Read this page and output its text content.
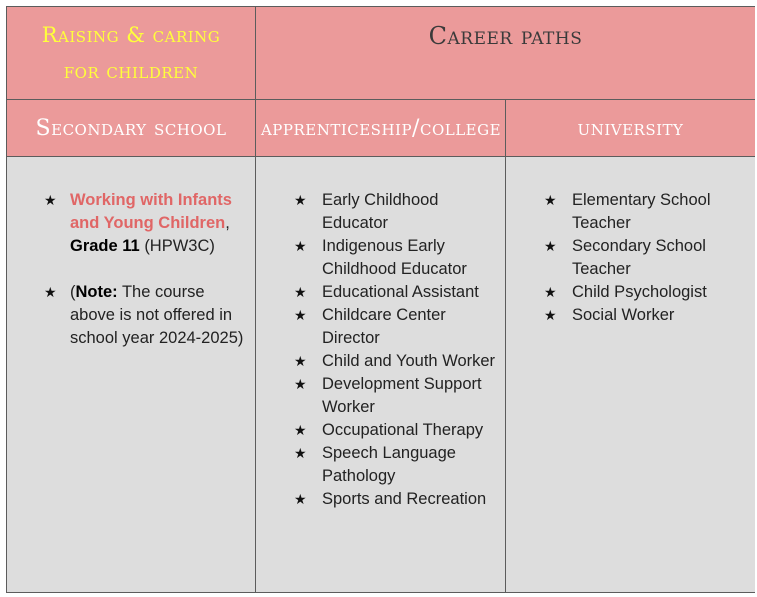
Raising & caring for children
Career paths
Secondary school apprenticeship/college	university
★ Working with Infants and Young Children, Grade 11 (HPW3C)
★ (Note: The course above is not offered in school year 2024-2025)
★ Early Childhood Educator
★ Indigenous Early Childhood Educator
★ Educational Assistant
★ Childcare Center Director
★ Child and Youth Worker
★ Development Support Worker
★ Occupational Therapy
★ Speech Language Pathology
★ Sports and Recreation
★ Elementary School Teacher
★ Secondary School Teacher
★ Child Psychologist
★ Social Worker
